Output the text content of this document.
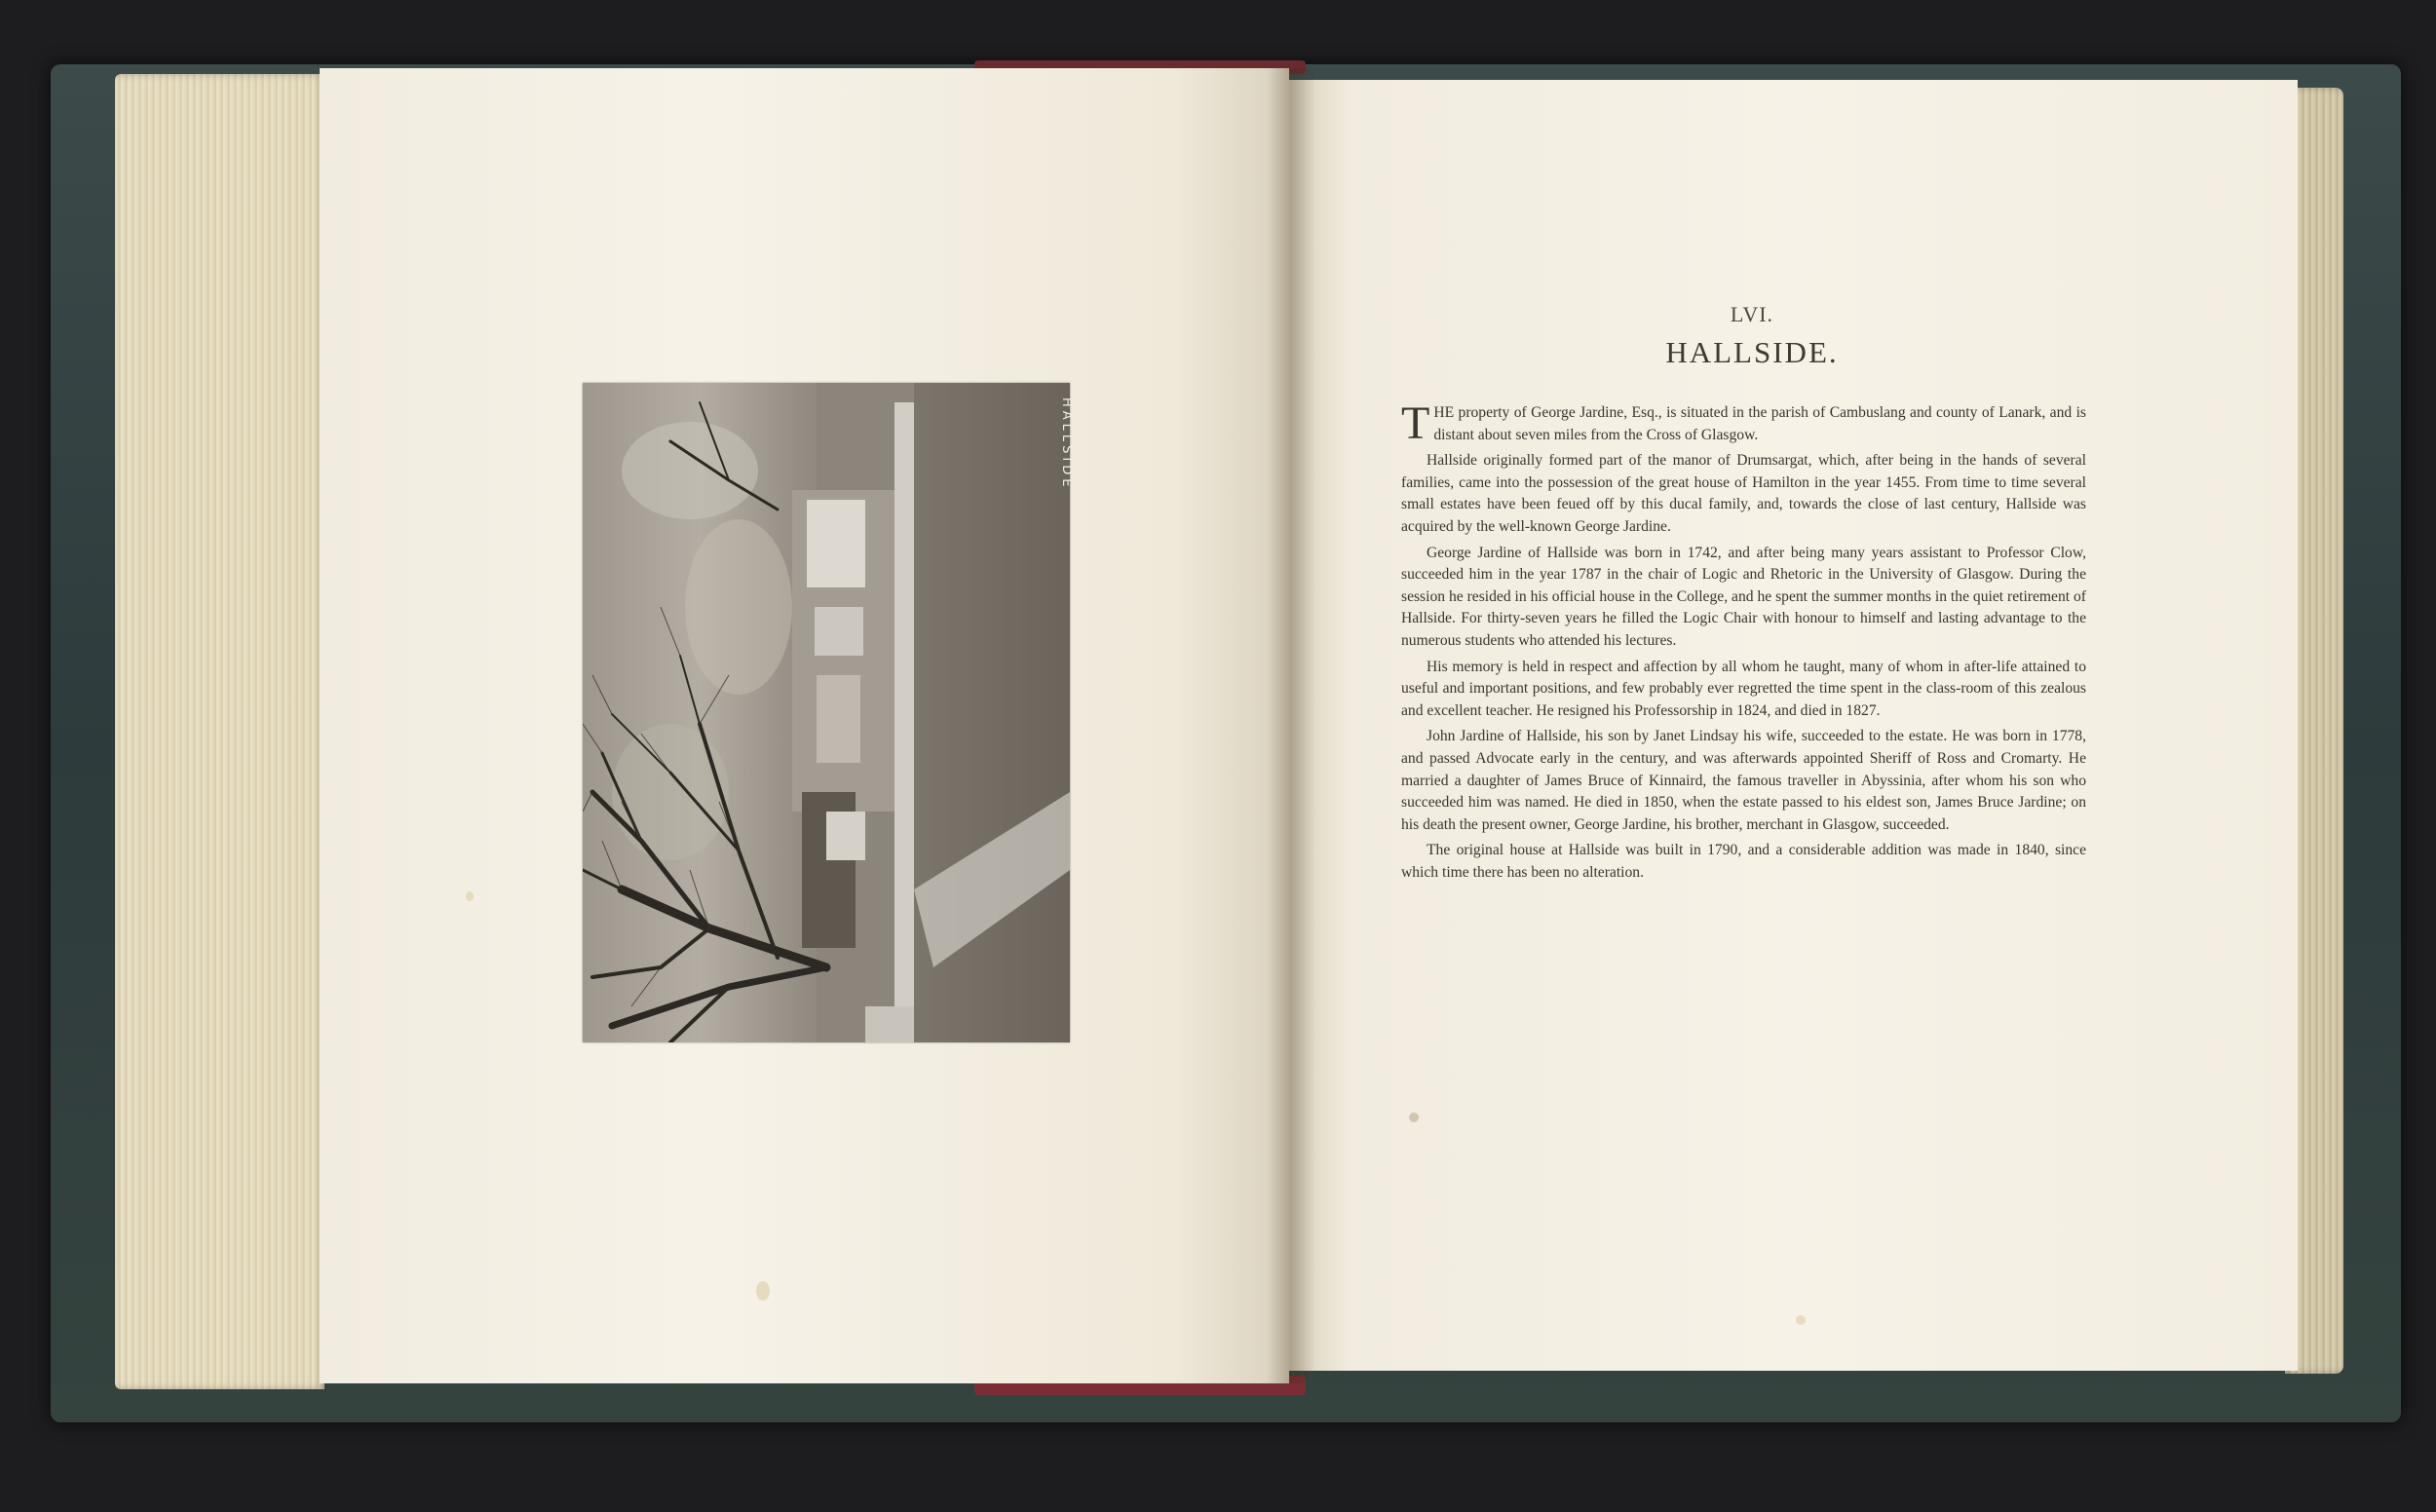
HALLSIDE
LVI.
HALLSIDE.

THE property of George Jardine, Esq., is situated in the parish of Cambuslang and county of Lanark, and is distant about seven miles from the Cross of Glasgow.

Hallside originally formed part of the manor of Drumsargat, which, after being in the hands of several families, came into the possession of the great house of Hamilton in the year 1455. From time to time several small estates have been feued off by this ducal family, and, towards the close of last century, Hallside was acquired by the well-known George Jardine.

George Jardine of Hallside was born in 1742, and after being many years assistant to Professor Clow, succeeded him in the year 1787 in the chair of Logic and Rhetoric in the University of Glasgow. During the session he resided in his official house in the College, and he spent the summer months in the quiet retirement of Hallside. For thirty-seven years he filled the Logic Chair with honour to himself and lasting advantage to the numerous students who attended his lectures.

His memory is held in respect and affection by all whom he taught, many of whom in after-life attained to useful and important positions, and few probably ever regretted the time spent in the class-room of this zealous and excellent teacher. He resigned his Professorship in 1824, and died in 1827.

John Jardine of Hallside, his son by Janet Lindsay his wife, succeeded to the estate. He was born in 1778, and passed Advocate early in the century, and was afterwards appointed Sheriff of Ross and Cromarty. He married a daughter of James Bruce of Kinnaird, the famous traveller in Abyssinia, after whom his son who succeeded him was named. He died in 1850, when the estate passed to his eldest son, James Bruce Jardine; on his death the present owner, George Jardine, his brother, merchant in Glasgow, succeeded.

The original house at Hallside was built in 1790, and a considerable addition was made in 1840, since which time there has been no alteration.
